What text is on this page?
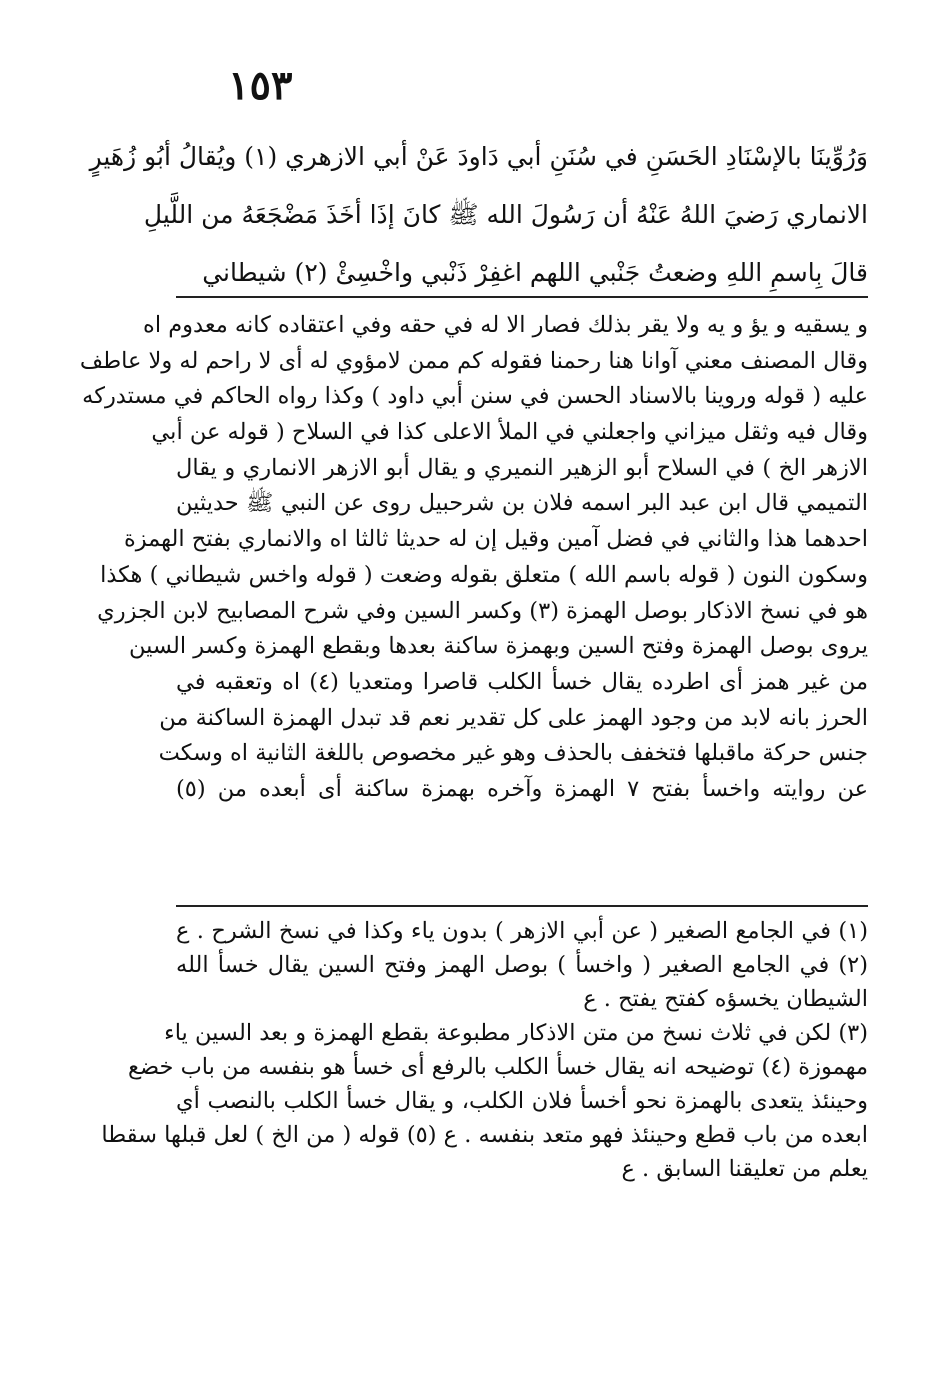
١٥٣
وَرُوِّينَا بالإسْنَادِ الحَسَنِ في سُنَنِ أبي دَاودَ عَنْ أبي الازهري (١) ويُقالُ أبُو زُهَيرٍ
الانماري رَضيَ اللهُ عَنْهُ أن رَسُولَ الله ﷺ كانَ إذَا أخَذَ مَضْجَعَهُ من اللَّيلِ
قالَ بِاسمِ اللهِ وضعتُ جَنْبي اللهم اغفِرْ ذَنْبي واخْسِئْ (٢) شيطاني
و يسقيه و يؤ و يه ولا يقر بذلك فصار الا له في حقه وفي اعتقاده كانه معدوم اه
وقال المصنف معني آوانا هنا رحمنا فقوله كم ممن لامؤوي له أى لا راحم له ولا عاطف
عليه ( قوله وروينا بالاسناد الحسن في سنن أبي داود ) وكذا رواه الحاكم في مستدركه
وقال فيه وثقل ميزاني واجعلني في الملأ الاعلى كذا في السلاح ( قوله عن أبي
الازهر الخ ) في السلاح أبو الزهير النميري و يقال أبو الازهر الانماري و يقال
التميمي قال ابن عبد البر اسمه فلان بن شرحبيل روى عن النبي ﷺ حديثين
احدهما هذا والثاني في فضل آمين وقيل إن له حديثا ثالثا اه والانماري بفتح الهمزة
وسكون النون ( قوله باسم الله ) متعلق بقوله وضعت ( قوله واخس شيطاني ) هكذا
هو في نسخ الاذكار بوصل الهمزة (٣) وكسر السين وفي شرح المصابيح لابن الجزري
يروى بوصل الهمزة وفتح السين وبهمزة ساكنة بعدها وبقطع الهمزة وكسر السين
من غير همز أى اطرده يقال خسأ الكلب قاصرا ومتعديا (٤) اه وتعقبه في
الحرز بانه لابد من وجود الهمز على كل تقدير نعم قد تبدل الهمزة الساكنة من
جنس حركة ماقبلها فتخفف بالحذف وهو غير مخصوص باللغة الثانية اه وسكت
عن روايته واخسأ بفتح ٧ الهمزة وآخره بهمزة ساكنة أى أبعده من (٥)
(١) في الجامع الصغير ( عن أبي الازهر ) بدون ياء وكذا في نسخ الشرح . ع
(٢) في الجامع الصغير ( واخسأ ) بوصل الهمز وفتح السين يقال خسأ الله
الشيطان يخسؤه كفتح يفتح . ع
(٣) لكن في ثلاث نسخ من متن الاذكار مطبوعة بقطع الهمزة و بعد السين ياء
مهموزة (٤) توضيحه انه يقال خسأ الكلب بالرفع أى خسأ هو بنفسه من باب خضع
وحينئذ يتعدى بالهمزة نحو أخسأ فلان الكلب، و يقال خسأ الكلب بالنصب أي
ابعده من باب قطع وحينئذ فهو متعد بنفسه . ع (٥) قوله ( من الخ ) لعل قبلها سقطا
يعلم من تعليقنا السابق . ع
